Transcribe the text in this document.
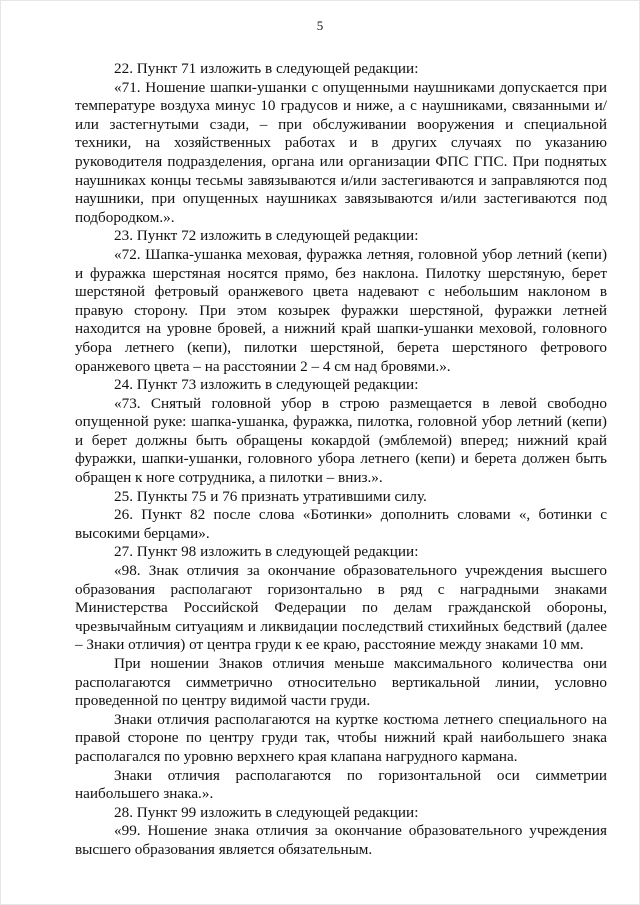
5

22. Пункт 71 изложить в следующей редакции:

«71. Ношение шапки-ушанки с опущенными наушниками допускается при температуре воздуха минус 10 градусов и ниже, а с наушниками, связанными и/или застегнутыми сзади, – при обслуживании вооружения и специальной техники, на хозяйственных работах и в других случаях по указанию руководителя подразделения, органа или организации ФПС ГПС. При поднятых наушниках концы тесьмы завязываются и/или застегиваются и заправляются под наушники, при опущенных наушниках завязываются и/или застегиваются под подбородком.».

23. Пункт 72 изложить в следующей редакции:

«72. Шапка-ушанка меховая, фуражка летняя, головной убор летний (кепи) и фуражка шерстяная носятся прямо, без наклона. Пилотку шерстяную, берет шерстяной фетровый оранжевого цвета надевают с небольшим наклоном в правую сторону. При этом козырек фуражки шерстяной, фуражки летней находится на уровне бровей, а нижний край шапки-ушанки меховой, головного убора летнего (кепи), пилотки шерстяной, берета шерстяного фетрового оранжевого цвета – на расстоянии 2 – 4 см над бровями.».

24. Пункт 73 изложить в следующей редакции:

«73. Снятый головной убор в строю размещается в левой свободно опущенной руке: шапка-ушанка, фуражка, пилотка, головной убор летний (кепи) и берет должны быть обращены кокардой (эмблемой) вперед; нижний край фуражки, шапки-ушанки, головного убора летнего (кепи) и берета должен быть обращен к ноге сотрудника, а пилотки – вниз.».

25. Пункты 75 и 76 признать утратившими силу.

26. Пункт 82 после слова «Ботинки» дополнить словами «, ботинки с высокими берцами».

27. Пункт 98 изложить в следующей редакции:

«98. Знак отличия за окончание образовательного учреждения высшего образования располагают горизонтально в ряд с наградными знаками Министерства Российской Федерации по делам гражданской обороны, чрезвычайным ситуациям и ликвидации последствий стихийных бедствий (далее – Знаки отличия) от центра груди к ее краю, расстояние между знаками 10 мм.

При ношении Знаков отличия меньше максимального количества они располагаются симметрично относительно вертикальной линии, условно проведенной по центру видимой части груди.

Знаки отличия располагаются на куртке костюма летнего специального на правой стороне по центру груди так, чтобы нижний край наибольшего знака располагался по уровню верхнего края клапана нагрудного кармана.

Знаки отличия располагаются по горизонтальной оси симметрии наибольшего знака.».

28. Пункт 99 изложить в следующей редакции:

«99. Ношение знака отличия за окончание образовательного учреждения высшего образования является обязательным.
